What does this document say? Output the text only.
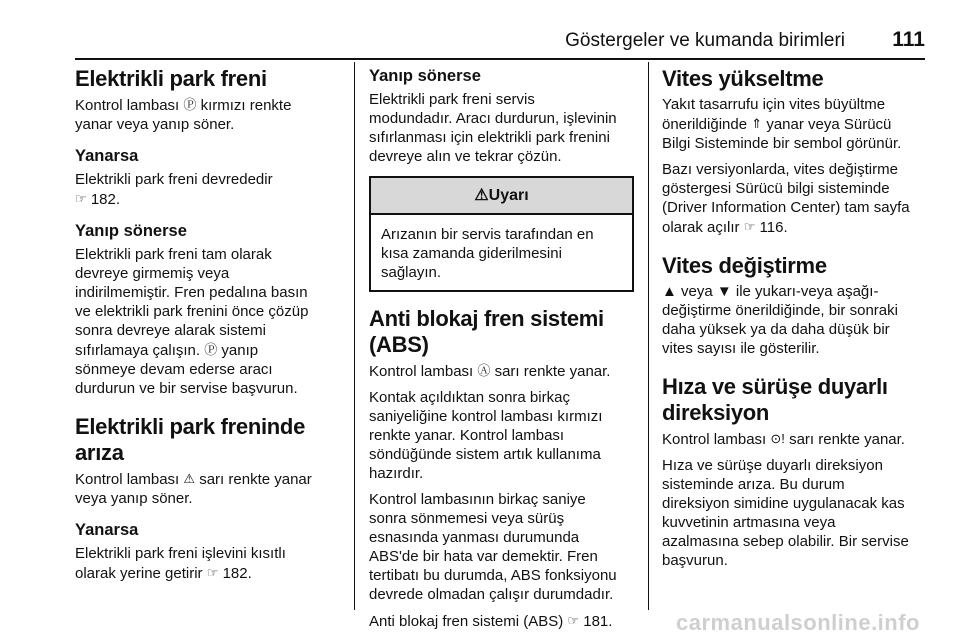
Göstergeler ve kumanda birimleri 111
Elektrikli park freni

Kontrol lambası Ⓟ kırmızı renkte
yanar veya yanıp söner.

Yanarsa

Elektrikli park freni devrededir
☞ 182.

Yanıp sönerse

Elektrikli park freni tam olarak
devreye girmemiş veya
indirilmemiştir. Fren pedalına basın
ve elektrikli park frenini önce çözüp
sonra devreye alarak sistemi
sıfırlamaya çalışın. Ⓟ yanıp
sönmeye devam ederse aracı
durdurun ve bir servise başvurun.

Elektrikli park freninde arıza

Kontrol lambası ⚠ sarı renkte yanar
veya yanıp söner.

Yanarsa

Elektrikli park freni işlevini kısıtlı
olarak yerine getirir ☞ 182.

Yanıp sönerse

Elektrikli park freni servis
modundadır. Aracı durdurun, işlevinin
sıfırlanması için elektrikli park frenini
devreye alın ve tekrar çözün.

⚠Uyarı
Arızanın bir servis tarafından en
kısa zamanda giderilmesini
sağlayın.
Anti blokaj fren sistemi
(ABS)

Kontrol lambası Ⓐ sarı renkte yanar.

Kontak açıldıktan sonra birkaç
saniyeliğine kontrol lambası kırmızı
renkte yanar. Kontrol lambası
söndüğünde sistem artık kullanıma
hazırdır.

Kontrol lambasının birkaç saniye
sonra sönmemesi veya sürüş
esnasında yanması durumunda
ABS'de bir hata var demektir. Fren
tertibatı bu durumda, ABS fonksiyonu
devrede olmadan çalışır durumdadır.

Anti blokaj fren sistemi (ABS) ☞ 181.

Vites yükseltme

Yakıt tasarrufu için vites büyültme
önerildiğinde ⇑ yanar veya Sürücü
Bilgi Sisteminde bir sembol görünür.

Bazı versiyonlarda, vites değiştirme
göstergesi Sürücü bilgi sisteminde
(Driver Information Center) tam sayfa
olarak açılır ☞ 116.

Vites değiştirme

▲ veya ▼ ile yukarı-veya aşağı-
değiştirme önerildiğinde, bir sonraki
daha yüksek ya da daha düşük bir
vites sayısı ile gösterilir.

Hıza ve sürüşe duyarlı
direksiyon

Kontrol lambası ⊙! sarı renkte yanar.

Hıza ve sürüşe duyarlı direksiyon
sisteminde arıza. Bu durum
direksiyon simidine uygulanacak kas
kuvvetinin artmasına veya
azalmasına sebep olabilir. Bir servise
başvurun.

carmanualsonline.info
